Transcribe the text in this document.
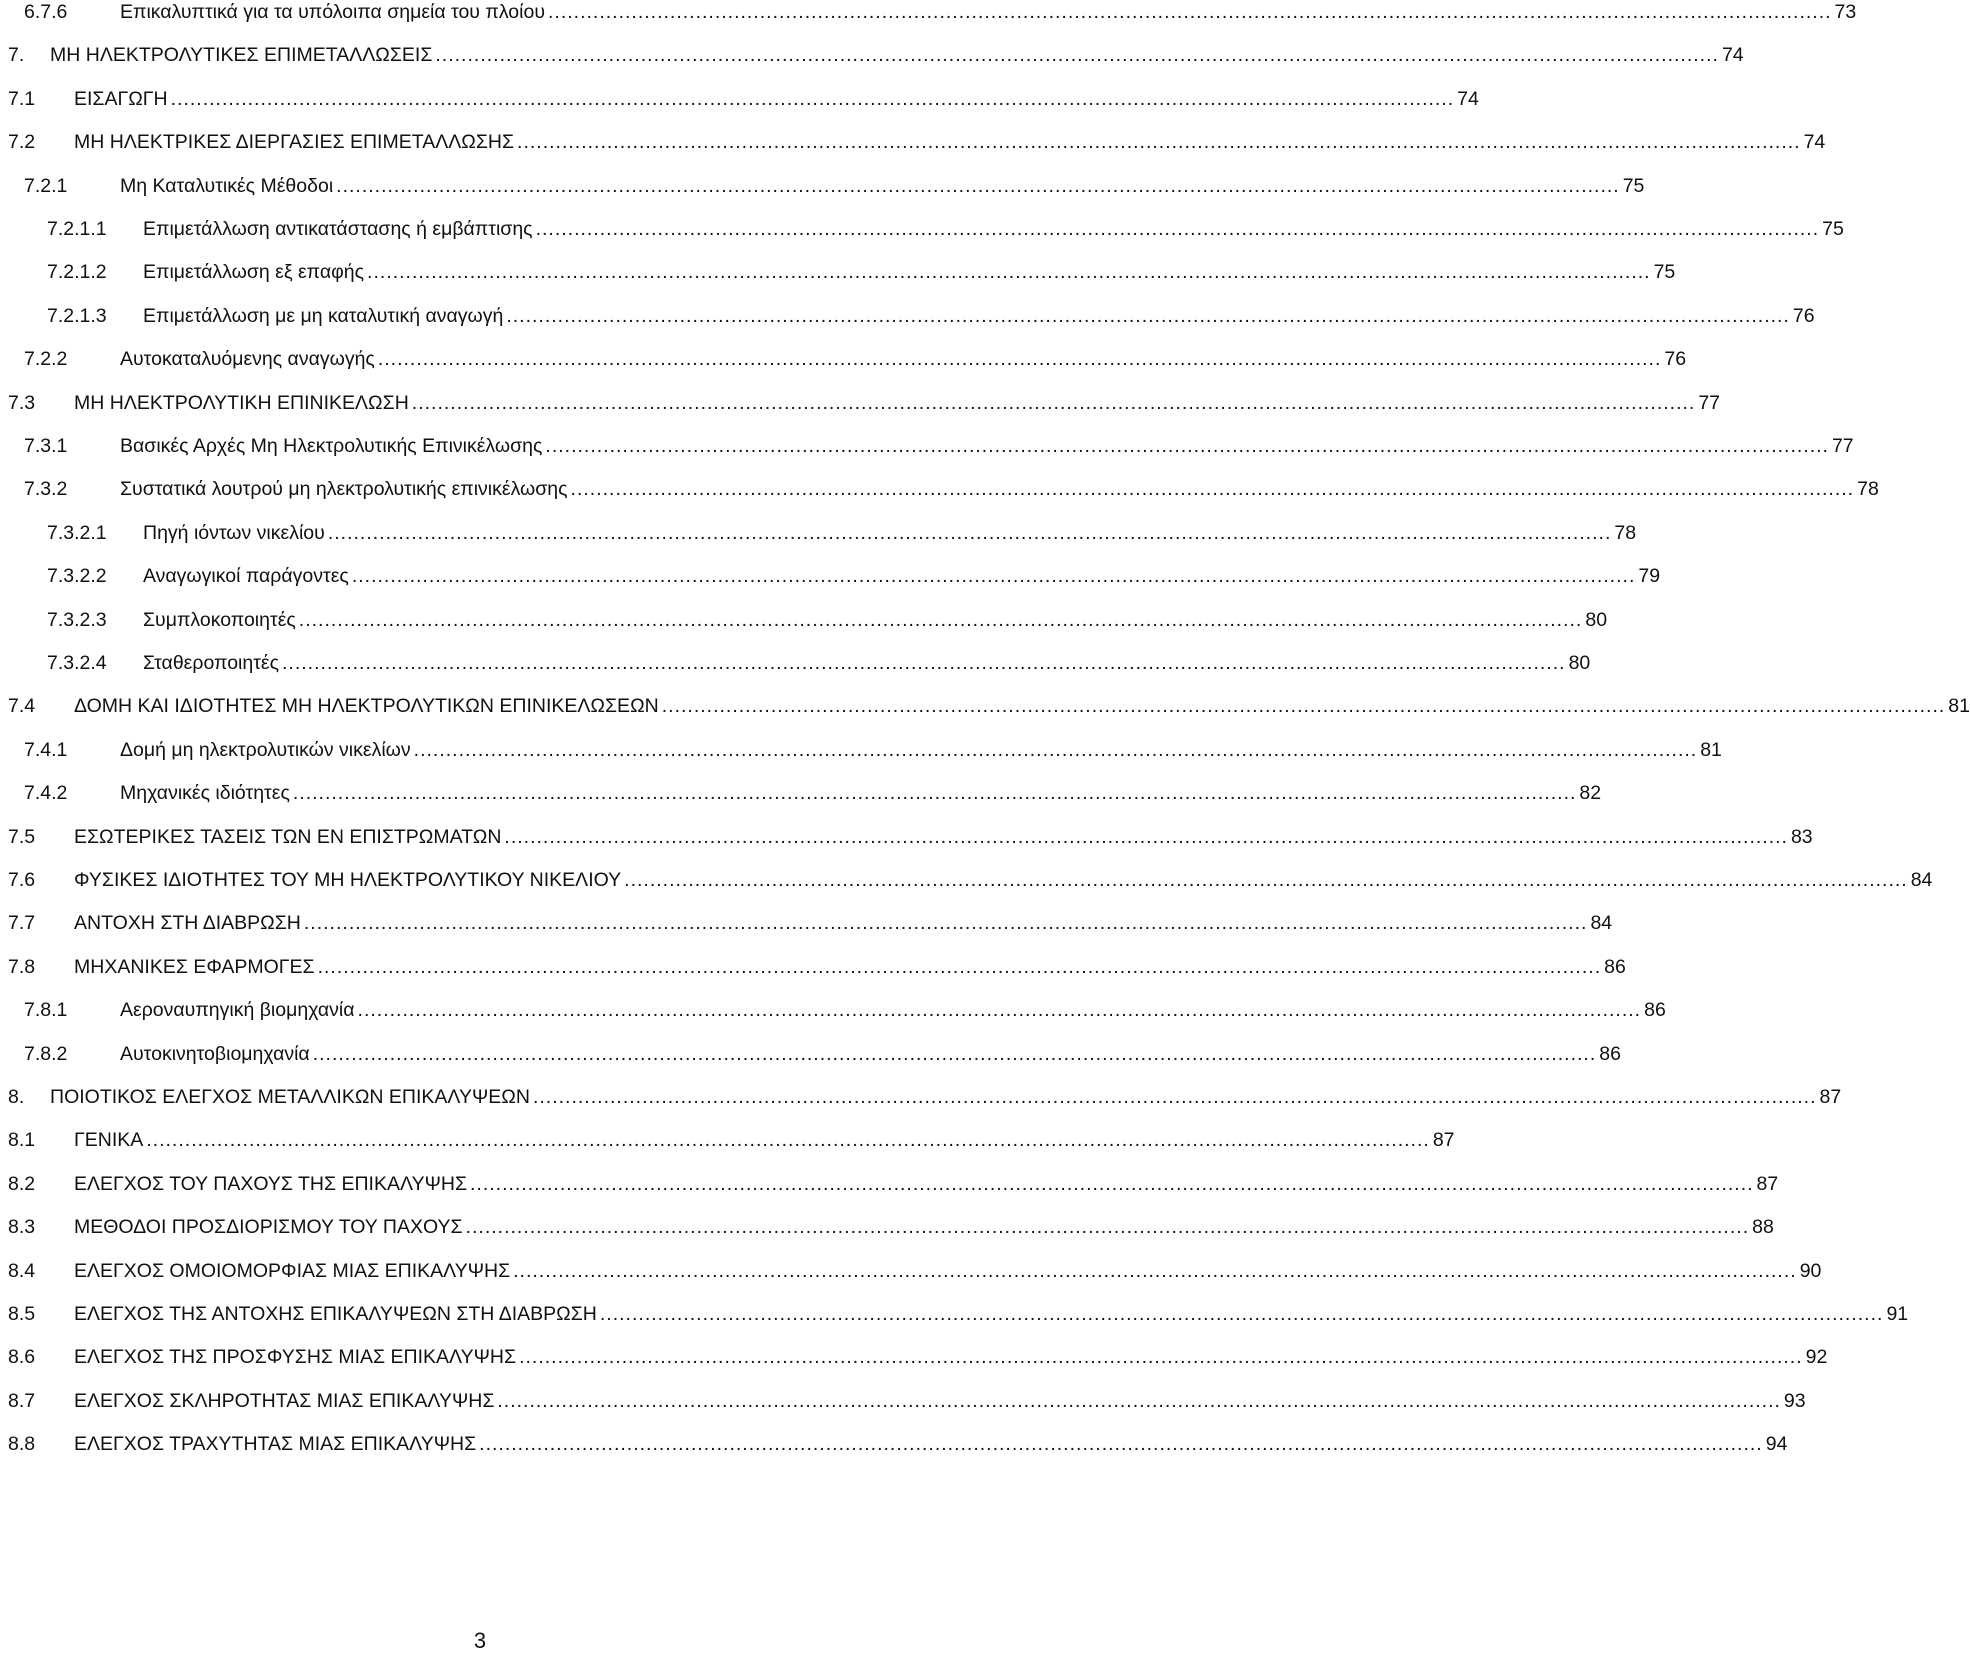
6.7.6	Επικαλυπτικά για τα υπόλοιπα σημεία του πλοίου ........................................................................................................................................................................................................ 73
7. ΜΗ ΗΛΕΚΤΡΟΛΥΤΙΚΕΣ ΕΠΙΜΕΤΑΛΛΩΣΕΙΣ ........................................................................................................................................................................................................ 74
7.1 ΕΙΣΑΓΩΓΗ ........................................................................................................................................................................................................ 74
7.2 ΜΗ ΗΛΕΚΤΡΙΚΕΣ ΔΙΕΡΓΑΣΙΕΣ ΕΠΙΜΕΤΑΛΛΩΣΗΣ ........................................................................................................................................................................................................ 74
7.2.1	Μη Καταλυτικές Μέθοδοι ........................................................................................................................................................................................................ 75
7.2.1.1 Επιμετάλλωση αντικατάστασης ή εμβάπτισης ........................................................................................................................................................................................................ 75
7.2.1.2 Επιμετάλλωση εξ επαφής ........................................................................................................................................................................................................ 75
7.2.1.3 Επιμετάλλωση με μη καταλυτική αναγωγή ........................................................................................................................................................................................................ 76
7.2.2	Αυτοκαταλυόμενης αναγωγής ........................................................................................................................................................................................................ 76
7.3 ΜΗ ΗΛΕΚΤΡΟΛΥΤΙΚΗ ΕΠΙΝΙΚΕΛΩΣΗ ........................................................................................................................................................................................................ 77
7.3.1	Βασικές Αρχές Μη Ηλεκτρολυτικής Επινικέλωσης ........................................................................................................................................................................................................ 77
7.3.2	Συστατικά λουτρού μη ηλεκτρολυτικής επινικέλωσης ........................................................................................................................................................................................................ 78
7.3.2.1 Πηγή ιόντων νικελίου ........................................................................................................................................................................................................ 78
7.3.2.2 Αναγωγικοί παράγοντες ........................................................................................................................................................................................................ 79
7.3.2.3 Συμπλοκοποιητές ........................................................................................................................................................................................................ 80
7.3.2.4 Σταθεροποιητές ........................................................................................................................................................................................................ 80
7.4 ΔΟΜΗ ΚΑΙ ΙΔΙΟΤΗΤΕΣ ΜΗ ΗΛΕΚΤΡΟΛΥΤΙΚΩΝ ΕΠΙΝΙΚΕΛΩΣΕΩΝ ........................................................................................................................................................................................................ 81
7.4.1	Δομή μη ηλεκτρολυτικών νικελίων ........................................................................................................................................................................................................ 81
7.4.2	Μηχανικές ιδιότητες ........................................................................................................................................................................................................ 82
7.5 ΕΣΩΤΕΡΙΚΕΣ ΤΑΣΕΙΣ ΤΩΝ ΕΝ ΕΠΙΣΤΡΩΜΑΤΩΝ ........................................................................................................................................................................................................ 83
7.6 ΦΥΣΙΚΕΣ ΙΔΙΟΤΗΤΕΣ ΤΟΥ ΜΗ ΗΛΕΚΤΡΟΛΥΤΙΚΟΥ ΝΙΚΕΛΙΟΥ ........................................................................................................................................................................................................ 84
7.7 ΑΝΤΟΧΗ ΣΤΗ ΔΙΑΒΡΩΣΗ ........................................................................................................................................................................................................ 84
7.8 ΜΗΧΑΝΙΚΕΣ ΕΦΑΡΜΟΓΕΣ ........................................................................................................................................................................................................ 86
7.8.1	Αεροναυπηγική βιομηχανία ........................................................................................................................................................................................................ 86
7.8.2	Αυτοκινητοβιομηχανία ........................................................................................................................................................................................................ 86
8. ΠΟΙΟΤΙΚΟΣ ΕΛΕΓΧΟΣ ΜΕΤΑΛΛΙΚΩΝ ΕΠΙΚΑΛΥΨΕΩΝ ........................................................................................................................................................................................................ 87
8.1 ΓΕΝΙΚΑ ........................................................................................................................................................................................................ 87
8.2 ΕΛΕΓΧΟΣ ΤΟΥ ΠΑΧΟΥΣ ΤΗΣ ΕΠΙΚΑΛΥΨΗΣ ........................................................................................................................................................................................................ 87
8.3 ΜΕΘΟΔΟΙ ΠΡΟΣΔΙΟΡΙΣΜΟΥ ΤΟΥ ΠΑΧΟΥΣ ........................................................................................................................................................................................................ 88
8.4 ΕΛΕΓΧΟΣ ΟΜΟΙΟΜΟΡΦΙΑΣ ΜΙΑΣ ΕΠΙΚΑΛΥΨΗΣ ........................................................................................................................................................................................................ 90
8.5 ΕΛΕΓΧΟΣ ΤΗΣ ΑΝΤΟΧΗΣ ΕΠΙΚΑΛΥΨΕΩΝ ΣΤΗ ΔΙΑΒΡΩΣΗ ........................................................................................................................................................................................................ 91
8.6 ΕΛΕΓΧΟΣ ΤΗΣ ΠΡΟΣΦΥΣΗΣ ΜΙΑΣ ΕΠΙΚΑΛΥΨΗΣ ........................................................................................................................................................................................................ 92
8.7 ΕΛΕΓΧΟΣ ΣΚΛΗΡΟΤΗΤΑΣ ΜΙΑΣ ΕΠΙΚΑΛΥΨΗΣ ........................................................................................................................................................................................................ 93
8.8 ΕΛΕΓΧΟΣ ΤΡΑΧΥΤΗΤΑΣ ΜΙΑΣ ΕΠΙΚΑΛΥΨΗΣ ........................................................................................................................................................................................................ 94
3
